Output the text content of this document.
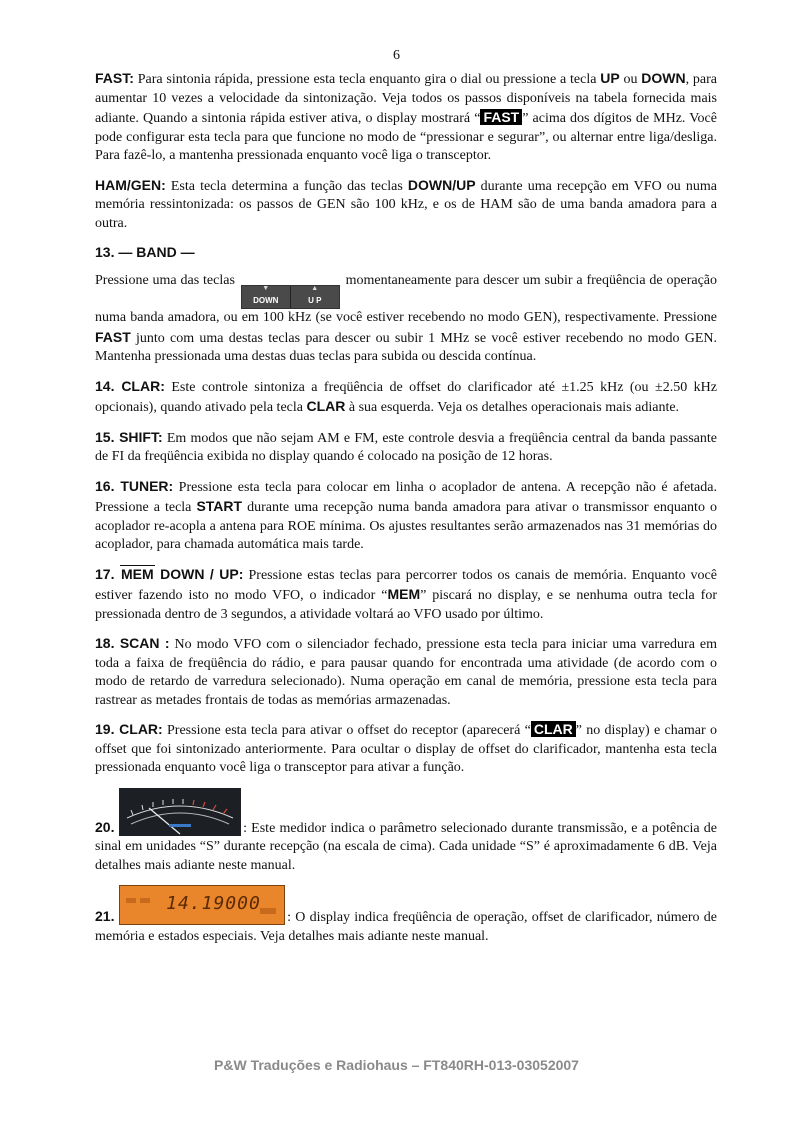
6

FAST: Para sintonia rápida, pressione esta tecla enquanto gira o dial ou pressione a tecla UP ou DOWN, para aumentar 10 vezes a velocidade da sintonização. Veja todos os passos disponíveis na tabela fornecida mais adiante. Quando a sintonia rápida estiver ativa, o display mostrará “ FAST ” acima dos dígitos de MHz. Você pode configurar esta tecla para que funcione no modo de “pressionar e segurar”, ou alternar entre liga/desliga. Para fazê-lo, a mantenha pressionada enquanto você liga o transceptor.

HAM/GEN: Esta tecla determina a função das teclas DOWN/UP durante uma recepção em VFO ou numa memória ressintonizada: os passos de GEN são 100 kHz, e os de HAM são de uma banda amadora para a outra.

13. — BAND —

Pressione uma das teclas
▼
DOWN
▲
U P
momentaneamente para descer um subir a freqüência de operação numa banda amadora, ou em 100 kHz (se você estiver recebendo no modo GEN), respectivamente. Pressione FAST junto com uma destas teclas para descer ou subir 1 MHz se você estiver recebendo no modo GEN. Mantenha pressionada uma destas duas teclas para subida ou descida contínua.

14. CLAR: Este controle sintoniza a freqüência de offset do clarificador até ±1.25 kHz (ou ±2.50 kHz opcionais), quando ativado pela tecla CLAR à sua esquerda. Veja os detalhes operacionais mais adiante.

15. SHIFT: Em modos que não sejam AM e FM, este controle desvia a freqüência central da banda passante de FI da freqüência exibida no display quando é colocado na posição de 12 horas.

16. TUNER: Pressione esta tecla para colocar em linha o acoplador de antena. A recepção não é afetada. Pressione a tecla START durante uma recepção numa banda amadora para ativar o transmissor enquanto o acoplador re-acopla a antena para ROE mínima. Os ajustes resultantes serão armazenados nas 31 memórias do acoplador, para chamada automática mais tarde.

17. MEM DOWN / UP: Pressione estas teclas para percorrer todos os canais de memória. Enquanto você estiver fazendo isto no modo VFO, o indicador “MEM” piscará no display, e se nenhuma outra tecla for pressionada dentro de 3 segundos, a atividade voltará ao VFO usado por último.

18. SCAN : No modo VFO com o silenciador fechado, pressione esta tecla para iniciar uma varredura em toda a faixa de freqüência do rádio, e para pausar quando for encontrada uma atividade (de acordo com o modo de retardo de varredura selecionado). Numa operação em canal de memória, pressione esta tecla para rastrear as metades frontais de todas as memórias armazenadas.

19. CLAR: Pressione esta tecla para ativar o offset do receptor (aparecerá “ CLAR ” no display) e chamar o offset que foi sintonizado anteriormente. Para ocultar o display de offset do clarificador, mantenha esta tecla pressionada enquanto você liga o transceptor para ativar a função.

20.	: Este medidor indica o parâmetro selecionado durante transmissão, e a potência de sinal em unidades “S” durante recepção (na escala de cima). Cada unidade “S” é aproximadamente 6 dB. Veja detalhes mais adiante neste manual.

21.
14.19000
: O display indica freqüência de operação, offset de clarificador, número de memória e estados especiais. Veja detalhes mais adiante neste manual.

P&W Traduções e Radiohaus – FT840RH-013-03052007
